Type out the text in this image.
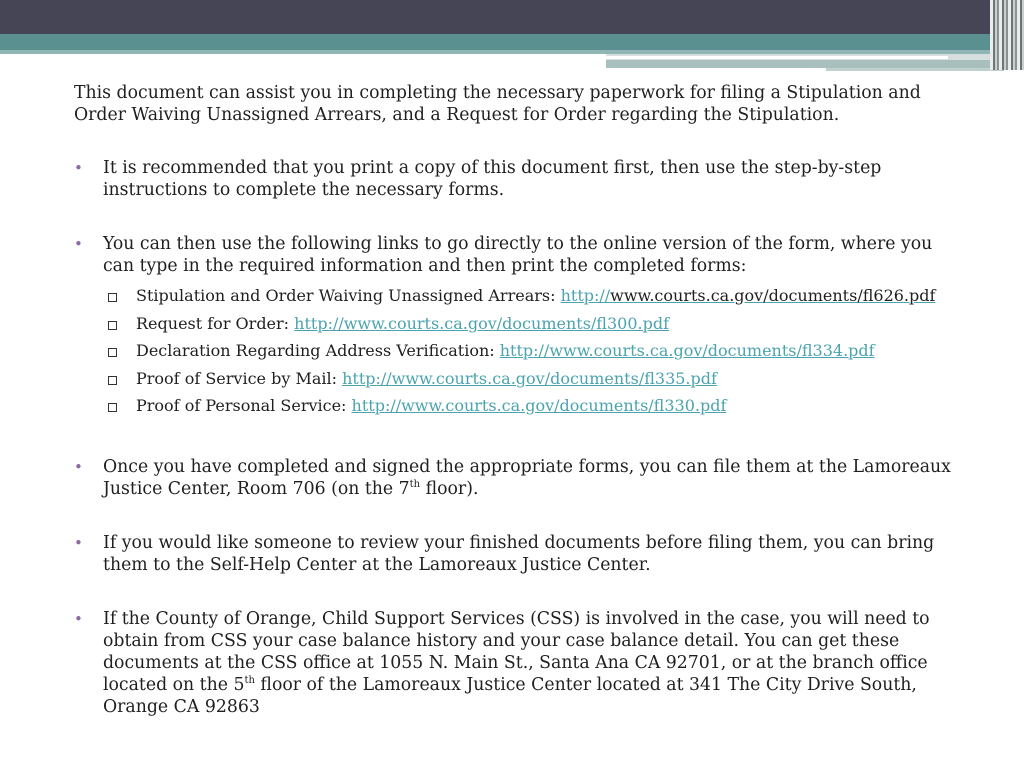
This document can assist you in completing the necessary paperwork for filing a Stipulation and Order Waiving Unassigned Arrears, and a Request for Order regarding the Stipulation.

• It is recommended that you print a copy of this document first, then use the step-by-step instructions to complete the necessary forms.
• You can then use the following links to go directly to the online version of the form, where you can type in the required information and then print the completed forms:
Stipulation and Order Waiving Unassigned Arrears: http://www.courts.ca.gov/documents/fl626.pdf
Request for Order: http://www.courts.ca.gov/documents/fl300.pdf
Declaration Regarding Address Verification: http://www.courts.ca.gov/documents/fl334.pdf
Proof of Service by Mail: http://www.courts.ca.gov/documents/fl335.pdf
Proof of Personal Service: http://www.courts.ca.gov/documents/fl330.pdf
• Once you have completed and signed the appropriate forms, you can file them at the Lamoreaux Justice Center, Room 706 (on the 7th floor).
• If you would like someone to review your finished documents before filing them, you can bring them to the Self-Help Center at the Lamoreaux Justice Center.
• If the County of Orange, Child Support Services (CSS) is involved in the case, you will need to obtain from CSS your case balance history and your case balance detail. You can get these documents at the CSS office at 1055 N. Main St., Santa Ana CA 92701, or at the branch office located on the 5th floor of the Lamoreaux Justice Center located at 341 The City Drive South, Orange CA 92863
